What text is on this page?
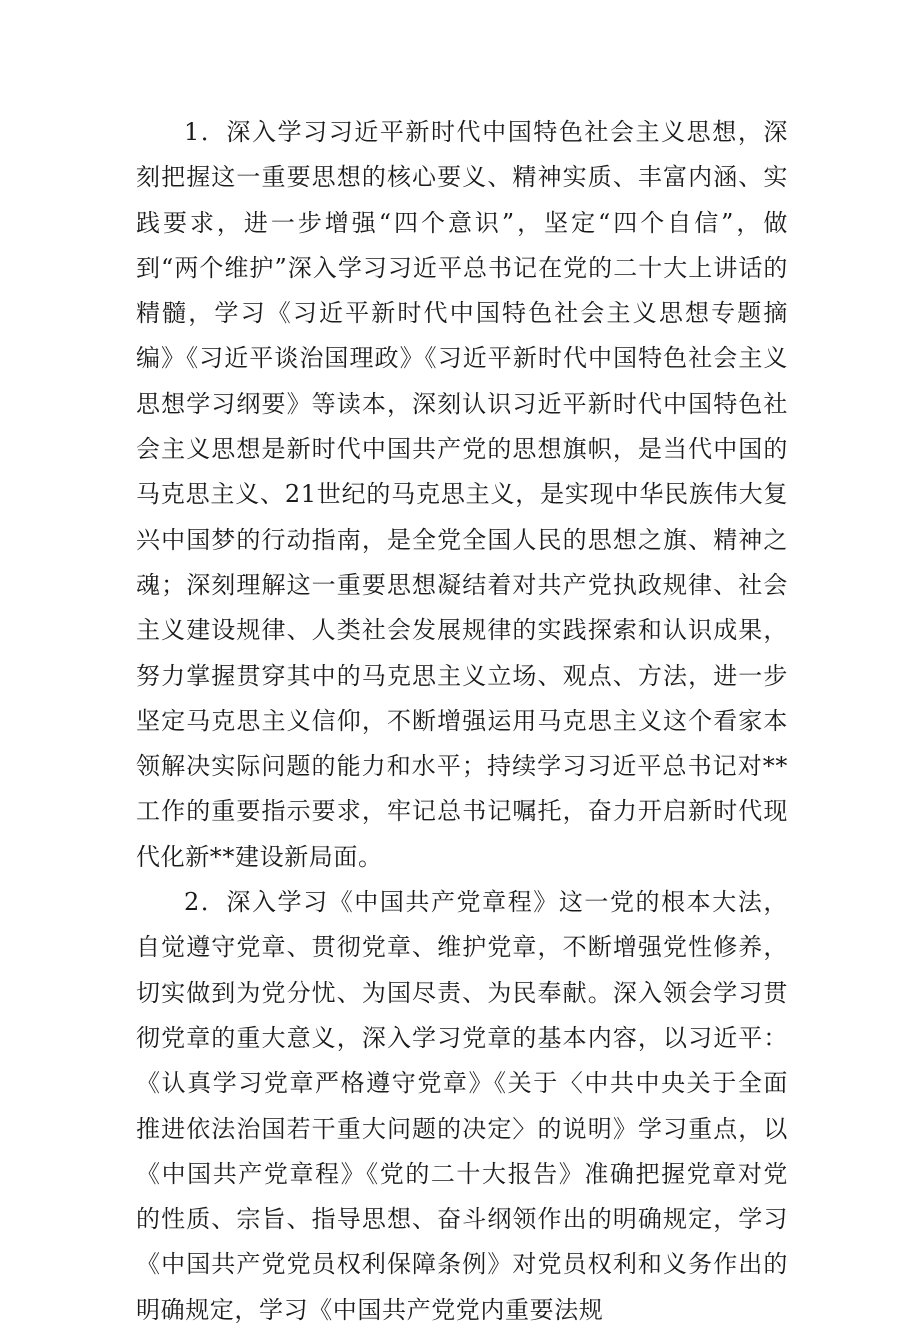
1．深入学习习近平新时代中国特色社会主义思想，深刻把握这一重要思想的核心要义、精神实质、丰富内涵、实践要求，进一步增强“四个意识”，坚定“四个自信”，做到“两个维护”深入学习习近平总书记在党的二十大上讲话的精髓，学习《习近平新时代中国特色社会主义思想专题摘编》《习近平谈治国理政》《习近平新时代中国特色社会主义思想学习纲要》等读本，深刻认识习近平新时代中国特色社会主义思想是新时代中国共产党的思想旗帜，是当代中国的马克思主义、21世纪的马克思主义，是实现中华民族伟大复兴中国梦的行动指南，是全党全国人民的思想之旗、精神之魂；深刻理解这一重要思想凝结着对共产党执政规律、社会主义建设规律、人类社会发展规律的实践探索和认识成果，努力掌握贯穿其中的马克思主义立场、观点、方法，进一步坚定马克思主义信仰，不断增强运用马克思主义这个看家本领解决实际问题的能力和水平；持续学习习近平总书记对**工作的重要指示要求，牢记总书记嘱托，奋力开启新时代现代化新**建设新局面。

2．深入学习《中国共产党章程》这一党的根本大法，自觉遵守党章、贯彻党章、维护党章，不断增强党性修养，切实做到为党分忧、为国尽责、为民奉献。深入领会学习贯彻党章的重大意义，深入学习党章的基本内容，以习近平：《认真学习党章严格遵守党章》《关于〈中共中央关于全面推进依法治国若干重大问题的决定〉的说明》学习重点，以《中国共产党章程》《党的二十大报告》准确把握党章对党的性质、宗旨、指导思想、奋斗纲领作出的明确规定，学习《中国共产党党员权利保障条例》对党员权利和义务作出的明确规定，学习《中国共产党党内重要法规
